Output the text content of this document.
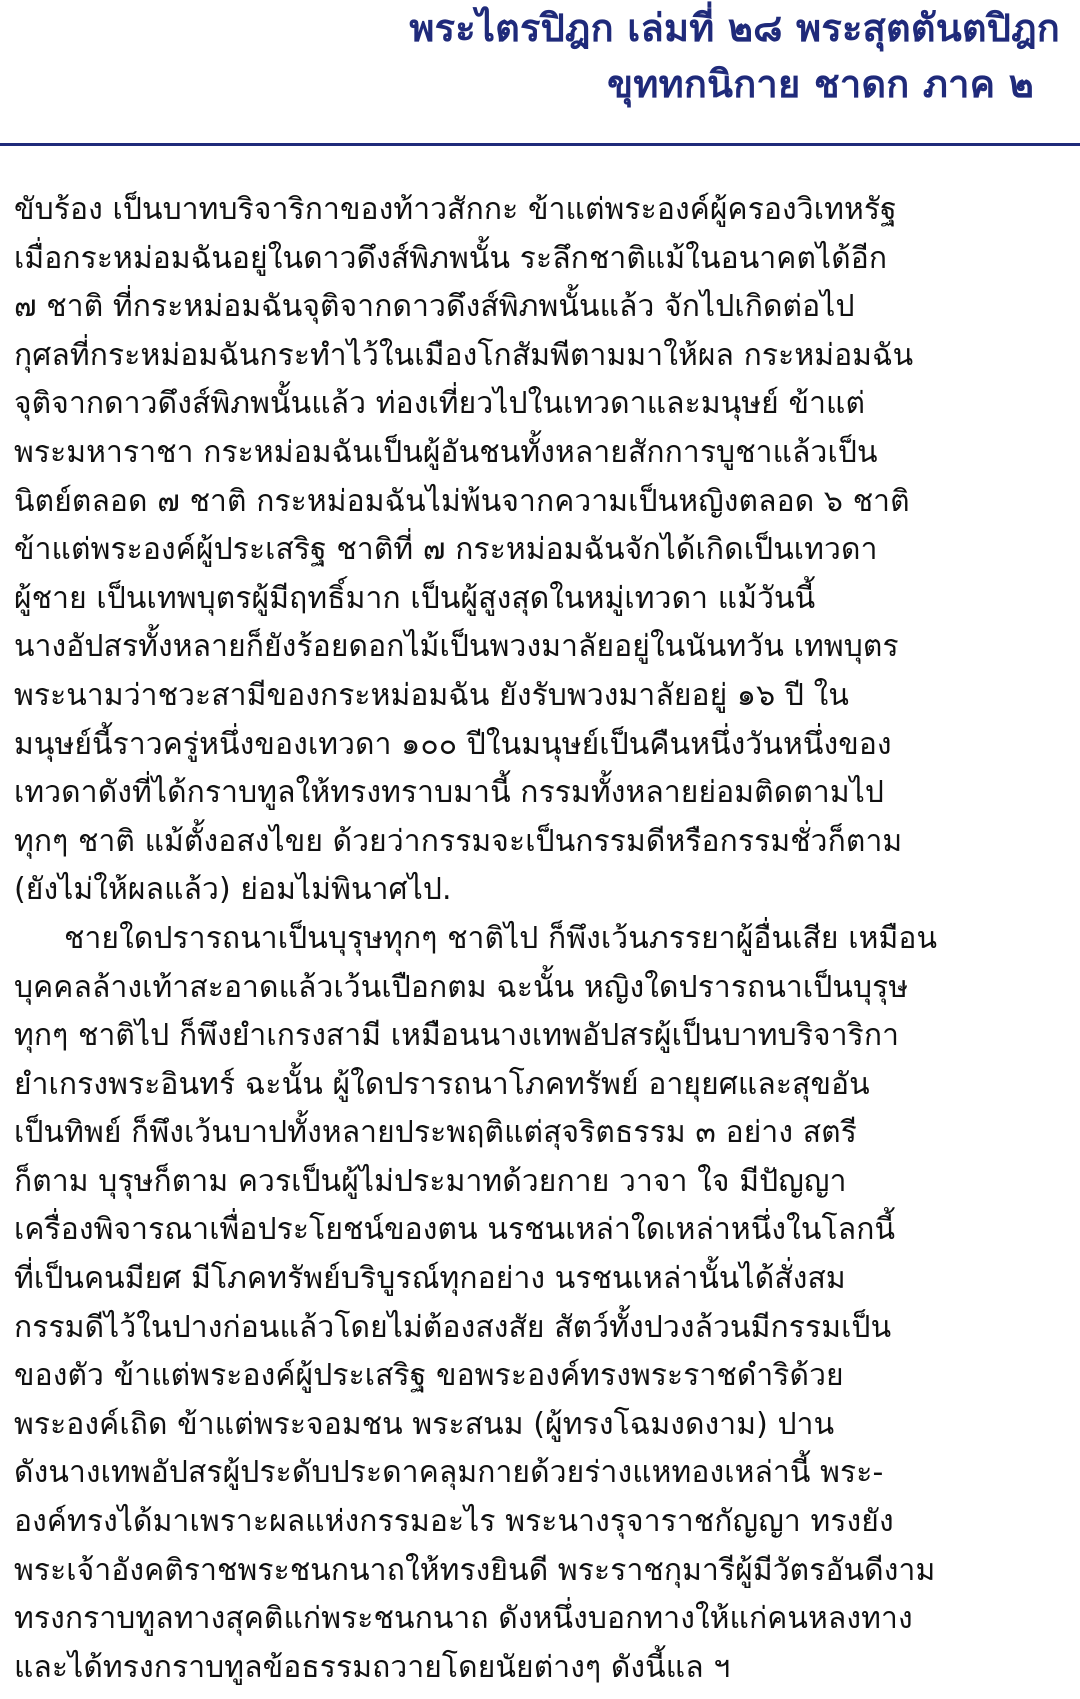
พระไตรปิฎก เล่มที่ ๒๘ พระสุตตันตปิฎก
ขุททกนิกาย ชาดก ภาค ๒

ขับร้อง เป็นบาทบริจาริกาของท้าวสักกะ ข้าแต่พระองค์ผู้ครองวิเทหรัฐ
เมื่อกระหม่อมฉันอยู่ในดาวดึงส์พิภพนั้น ระลึกชาติแม้ในอนาคตได้อีก
๗ ชาติ ที่กระหม่อมฉันจุติจากดาวดึงส์พิภพนั้นแล้ว จักไปเกิดต่อไป
กุศลที่กระหม่อมฉันกระทำไว้ในเมืองโกสัมพีตามมาให้ผล กระหม่อมฉัน
จุติจากดาวดึงส์พิภพนั้นแล้ว ท่องเที่ยวไปในเทวดาและมนุษย์ ข้าแต่
พระมหาราชา กระหม่อมฉันเป็นผู้อันชนทั้งหลายสักการบูชาแล้วเป็น
นิตย์ตลอด ๗ ชาติ กระหม่อมฉันไม่พ้นจากความเป็นหญิงตลอด ๖ ชาติ
ข้าแต่พระองค์ผู้ประเสริฐ ชาติที่ ๗ กระหม่อมฉันจักได้เกิดเป็นเทวดา
ผู้ชาย เป็นเทพบุตรผู้มีฤทธิ์มาก เป็นผู้สูงสุดในหมู่เทวดา แม้วันนี้
นางอัปสรทั้งหลายก็ยังร้อยดอกไม้เป็นพวงมาลัยอยู่ในนันทวัน เทพบุตร
พระนามว่าชวะสามีของกระหม่อมฉัน ยังรับพวงมาลัยอยู่ ๑๖ ปี ใน
มนุษย์นี้ราวครู่หนึ่งของเทวดา ๑๐๐ ปีในมนุษย์เป็นคืนหนึ่งวันหนึ่งของ
เทวดาดังที่ได้กราบทูลให้ทรงทราบมานี้ กรรมทั้งหลายย่อมติดตามไป
ทุกๆ ชาติ แม้ตั้งอสงไขย ด้วยว่ากรรมจะเป็นกรรมดีหรือกรรมชั่วก็ตาม
(ยังไม่ให้ผลแล้ว) ย่อมไม่พินาศไป.

ชายใดปรารถนาเป็นบุรุษทุกๆ ชาติไป ก็พึงเว้นภรรยาผู้อื่นเสีย เหมือน
บุคคลล้างเท้าสะอาดแล้วเว้นเปือกตม ฉะนั้น หญิงใดปรารถนาเป็นบุรุษ
ทุกๆ ชาติไป ก็พึงยำเกรงสามี เหมือนนางเทพอัปสรผู้เป็นบาทบริจาริกา
ยำเกรงพระอินทร์ ฉะนั้น ผู้ใดปรารถนาโภคทรัพย์ อายุยศและสุขอัน
เป็นทิพย์ ก็พึงเว้นบาปทั้งหลายประพฤติแต่สุจริตธรรม ๓ อย่าง สตรี
ก็ตาม บุรุษก็ตาม ควรเป็นผู้ไม่ประมาทด้วยกาย วาจา ใจ มีปัญญา
เครื่องพิจารณาเพื่อประโยชน์ของตน นรชนเหล่าใดเหล่าหนึ่งในโลกนี้
ที่เป็นคนมียศ มีโภคทรัพย์บริบูรณ์ทุกอย่าง นรชนเหล่านั้นได้สั่งสม
กรรมดีไว้ในปางก่อนแล้วโดยไม่ต้องสงสัย สัตว์ทั้งปวงล้วนมีกรรมเป็น
ของตัว ข้าแต่พระองค์ผู้ประเสริฐ ขอพระองค์ทรงพระราชดำริด้วย
พระองค์เถิด ข้าแต่พระจอมชน พระสนม (ผู้ทรงโฉมงดงาม) ปาน
ดังนางเทพอัปสรผู้ประดับประดาคลุมกายด้วยร่างแหทองเหล่านี้ พระ-
องค์ทรงได้มาเพราะผลแห่งกรรมอะไร พระนางรุจาราชกัญญา ทรงยัง
พระเจ้าอังคติราชพระชนกนาถให้ทรงยินดี พระราชกุมารีผู้มีวัตรอันดีงาม
ทรงกราบทูลทางสุคติแก่พระชนกนาถ ดังหนึ่งบอกทางให้แก่คนหลงทาง
และได้ทรงกราบทูลข้อธรรมถวายโดยนัยต่างๆ ดังนี้แล ฯ
